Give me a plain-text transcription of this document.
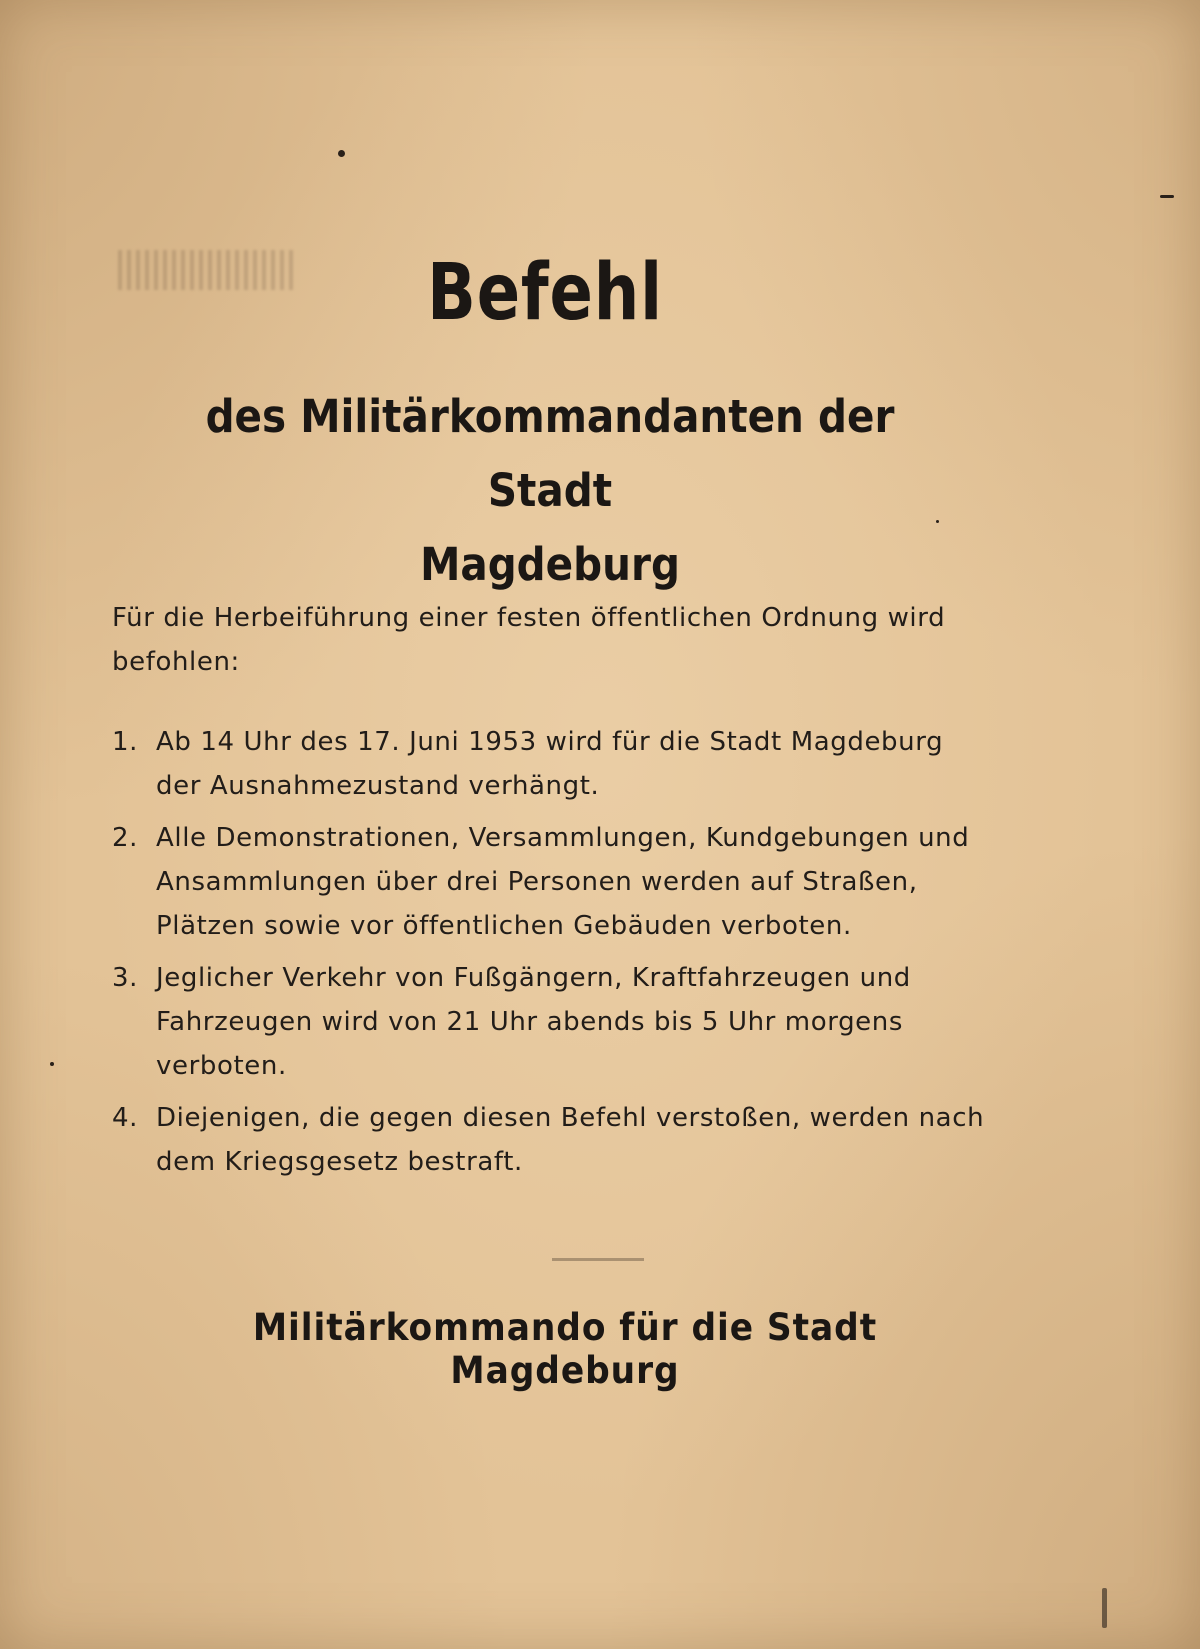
Befehl
des Militärkommandanten der Stadt
Magdeburg
Für die Herbeiführung einer festen öffentlichen Ordnung wird befohlen:
1. Ab 14 Uhr des 17. Juni 1953 wird für die Stadt Magdeburg der Ausnahmezustand verhängt.
2. Alle Demonstrationen, Versammlungen, Kundgebungen und Ansammlungen über drei Personen werden auf Straßen, Plätzen sowie vor öffentlichen Gebäuden verboten.
3. Jeglicher Verkehr von Fußgängern, Kraftfahrzeugen und Fahrzeugen wird von 21 Uhr abends bis 5 Uhr morgens verboten.
4. Diejenigen, die gegen diesen Befehl verstoßen, werden nach dem Kriegsgesetz bestraft.
Militärkommando für die Stadt Magdeburg
